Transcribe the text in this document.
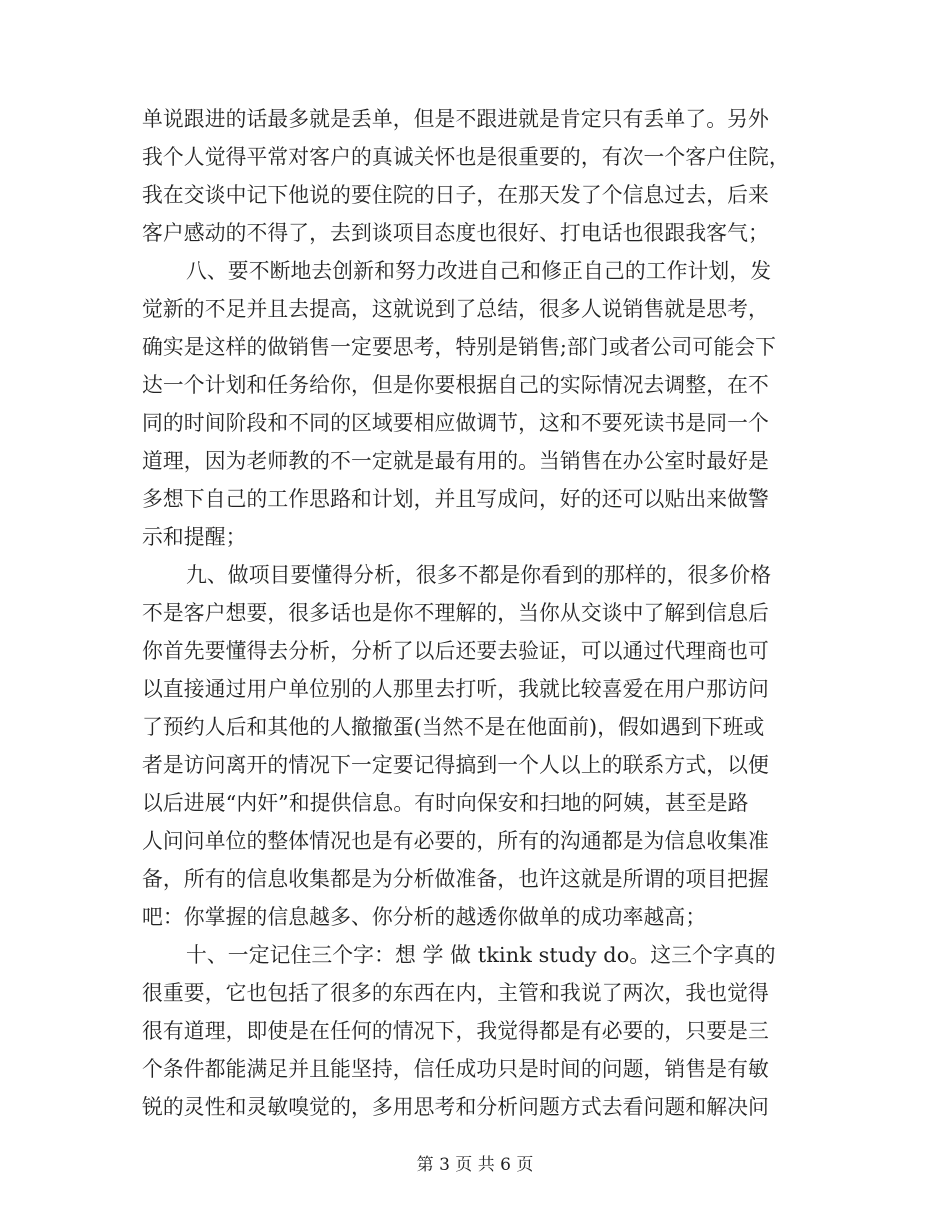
单说跟进的话最多就是丢单，但是不跟进就是肯定只有丢单了。另外
我个人觉得平常对客户的真诚关怀也是很重要的，有次一个客户住院，
我在交谈中记下他说的要住院的日子，在那天发了个信息过去，后来
客户感动的不得了，去到谈项目态度也很好、打电话也很跟我客气；
八、要不断地去创新和努力改进自己和修正自己的工作计划，发
觉新的不足并且去提高，这就说到了总结，很多人说销售就是思考，
确实是这样的做销售一定要思考，特别是销售;部门或者公司可能会下
达一个计划和任务给你，但是你要根据自己的实际情况去调整，在不
同的时间阶段和不同的区域要相应做调节，这和不要死读书是同一个
道理，因为老师教的不一定就是最有用的。当销售在办公室时最好是
多想下自己的工作思路和计划，并且写成问，好的还可以贴出来做警
示和提醒；
九、做项目要懂得分析，很多不都是你看到的那样的，很多价格
不是客户想要，很多话也是你不理解的，当你从交谈中了解到信息后
你首先要懂得去分析，分析了以后还要去验证，可以通过代理商也可
以直接通过用户单位别的人那里去打听，我就比较喜爱在用户那访问
了预约人后和其他的人撤撤蛋(当然不是在他面前)，假如遇到下班或
者是访问离开的情况下一定要记得搞到一个人以上的联系方式，以便
以后进展“内奸”和提供信息。有时向保安和扫地的阿姨，甚至是路
人问问单位的整体情况也是有必要的，所有的沟通都是为信息收集准
备，所有的信息收集都是为分析做准备，也许这就是所谓的项目把握
吧：你掌握的信息越多、你分析的越透你做单的成功率越高；
十、一定记住三个字：想 学 做 tkink study do。这三个字真的
很重要，它也包括了很多的东西在内，主管和我说了两次，我也觉得
很有道理，即使是在任何的情况下，我觉得都是有必要的，只要是三
个条件都能满足并且能坚持，信任成功只是时间的问题，销售是有敏
锐的灵性和灵敏嗅觉的，多用思考和分析问题方式去看问题和解决问
第 3 页 共 6 页
